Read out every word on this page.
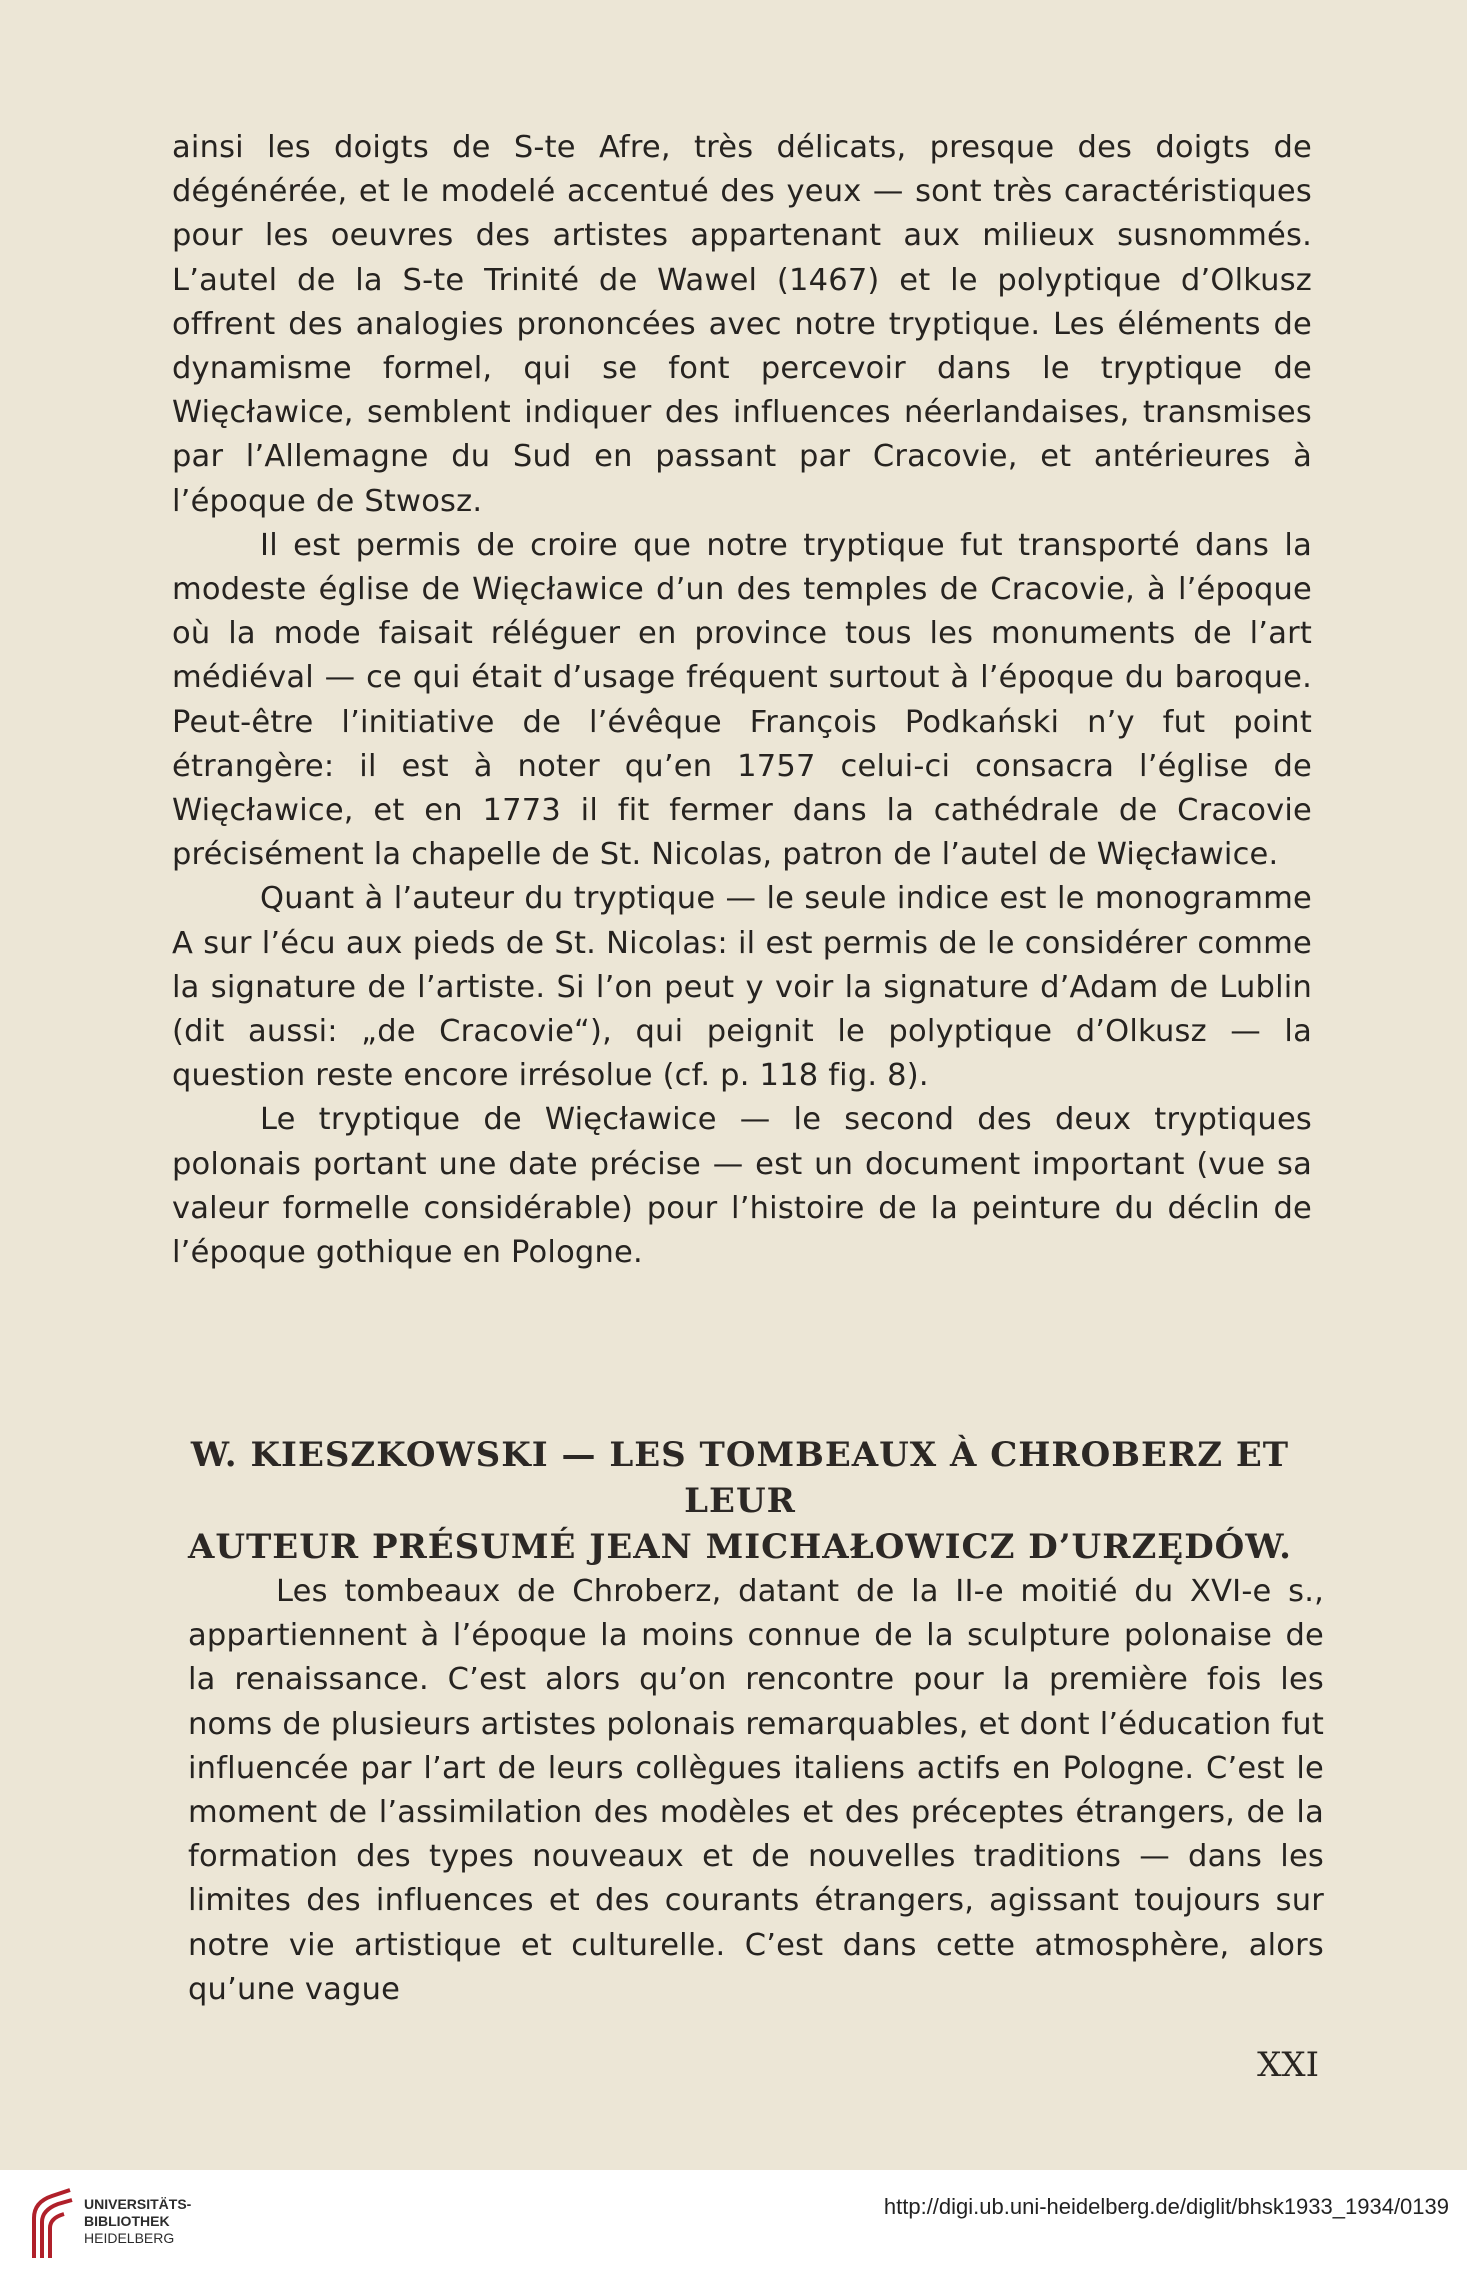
ainsi les doigts de S-te Afre, très délicats, presque des doigts de dégénérée, et le modelé accentué des yeux — sont très caractéristiques pour les oeuvres des artistes appartenant aux milieux susnommés. L’autel de la S-te Trinité de Wawel (1467) et le polyptique d’Olkusz offrent des analogies prononcées avec notre tryptique. Les éléments de dynamisme formel, qui se font percevoir dans le tryptique de Więcławice, semblent indiquer des influences néerlandaises, transmises par l’Allemagne du Sud en passant par Cracovie, et antérieures à l’époque de Stwosz.

Il est permis de croire que notre tryptique fut transporté dans la modeste église de Więcławice d’un des temples de Cracovie, à l’époque où la mode faisait réléguer en province tous les monuments de l’art médiéval — ce qui était d’usage fréquent surtout à l’époque du baroque. Peut-être l’initiative de l’évêque François Podkański n’y fut point étrangère: il est à noter qu’en 1757 celui-ci consacra l’église de Więcławice, et en 1773 il fit fermer dans la cathédrale de Cracovie précisément la chapelle de St. Nicolas, patron de l’autel de Więcławice.

Quant à l’auteur du tryptique — le seule indice est le monogramme A sur l’écu aux pieds de St. Nicolas: il est permis de le considérer comme la signature de l’artiste. Si l’on peut y voir la signature d’Adam de Lublin (dit aussi: „de Cracovie“), qui peignit le polyptique d’Olkusz — la question reste encore irrésolue (cf. p. 118 fig. 8).

Le tryptique de Więcławice — le second des deux tryptiques polonais portant une date précise — est un document important (vue sa valeur formelle considérable) pour l’histoire de la peinture du déclin de l’époque gothique en Pologne.

W. KIESZKOWSKI — LES TOMBEAUX À CHROBERZ ET LEUR
AUTEUR PRÉSUMÉ JEAN MICHAŁOWICZ D’URZĘDÓW.

Les tombeaux de Chroberz, datant de la II-e moitié du XVI-e s., appartiennent à l’époque la moins connue de la sculpture polonaise de la renaissance. C’est alors qu’on rencontre pour la première fois les noms de plusieurs artistes polonais remarquables, et dont l’éducation fut influencée par l’art de leurs collègues italiens actifs en Pologne. C’est le moment de l’assimilation des modèles et des préceptes étrangers, de la formation des types nouveaux et de nouvelles traditions — dans les limites des influences et des courants étrangers, agissant toujours sur notre vie artistique et culturelle. C’est dans cette atmosphère, alors qu’une vague

XXI
UNIVERSITÄTS-
BIBLIOTHEK
HEIDELBERG
http://digi.ub.uni-heidelberg.de/diglit/bhsk1933_1934/0139
